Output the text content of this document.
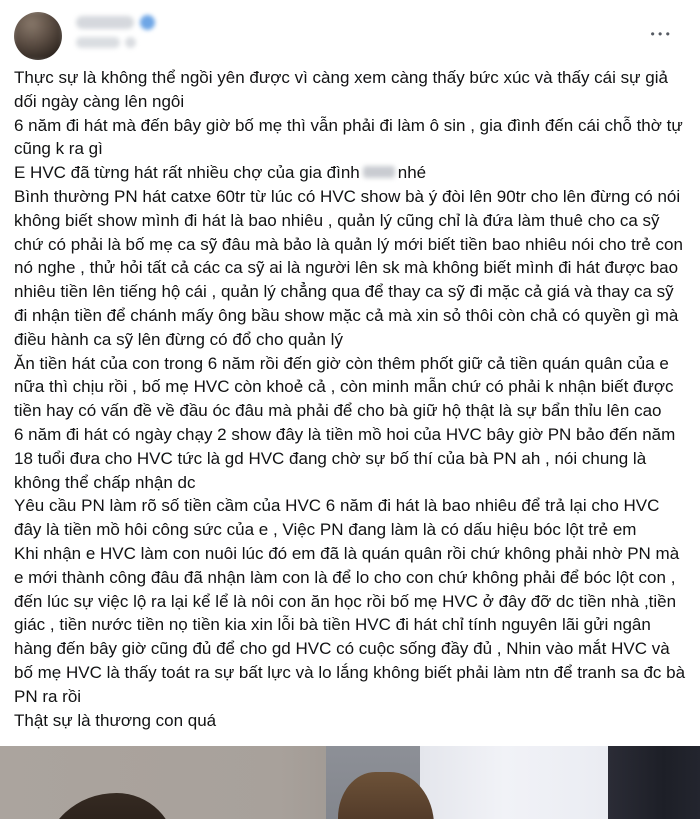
●●●

Thực sự là không thể ngồi yên được vì càng xem càng thấy bức xúc và thấy cái sự giả dối ngày càng lên ngôi

6 năm đi hát mà đến bây giờ bố mẹ thì vẫn phải đi làm ô sin , gia đình đến cái chỗ thờ tự cũng k ra gì

E HVC đã từng hát rất nhiều chợ của gia đình nhé

Bình thường PN hát catxe 60tr từ lúc có HVC show bà ý đòi lên 90tr cho lên đừng có nói không biết show mình đi hát là bao nhiêu , quản lý cũng chỉ là đứa làm thuê cho ca sỹ chứ có phải là bố mẹ ca sỹ đâu mà bảo là quản lý mới biết tiền bao nhiêu nói cho trẻ con nó nghe , thử hỏi tất cả các ca sỹ ai là người lên sk mà không biết mình đi hát được bao nhiêu tiền lên tiếng hộ cái , quản lý chẳng qua để thay ca sỹ đi mặc cả giá và thay ca sỹ đi nhận tiền để chánh mấy ông bầu show mặc cả mà xin sỏ thôi còn chả có quyền gì mà điều hành ca sỹ lên đừng có đổ cho quản lý

Ăn tiền hát của con trong 6 năm rồi đến giờ còn thêm phốt giữ cả tiền quán quân của e nữa thì chịu rồi , bố mẹ HVC còn khoẻ cả , còn minh mẫn chứ có phải k nhận biết được tiền hay có vấn đề về đầu óc đâu mà phải để cho bà giữ hộ thật là sự bẩn thỉu lên cao

6 năm đi hát có ngày chạy 2 show đây là tiền mồ hoi của HVC bây giờ PN bảo đến năm 18 tuổi đưa cho HVC tức là gd HVC đang chờ sự bố thí của bà PN ah , nói chung là không thể chấp nhận dc

Yêu cầu PN làm rõ số tiền cầm của HVC 6 năm đi hát là bao nhiêu để trả lại cho HVC đây là tiền mồ hôi công sức của e , Việc PN đang làm là có dấu hiệu bóc lột trẻ em

Khi nhận e HVC làm con nuôi lúc đó em đã là quán quân rồi chứ không phải nhờ PN mà e mới thành công đâu đã nhận làm con là để lo cho con chứ không phải để bóc lột con , đến lúc sự việc lộ ra lại kể lể là nôi con ăn học rồi bố mẹ HVC ở đây đỡ dc tiền nhà ,tiền giác , tiền nước tiền nọ tiền kia xin lỗi bà tiền HVC đi hát chỉ tính nguyên lãi gửi ngân hàng đến bây giờ cũng đủ để cho gd HVC có cuộc sống đầy đủ , Nhin vào mắt HVC và bố mẹ HVC là thấy toát ra sự bất lực và lo lắng không biết phải làm ntn để tranh sa đc bà PN ra rồi

Thật sự là thương con quá
